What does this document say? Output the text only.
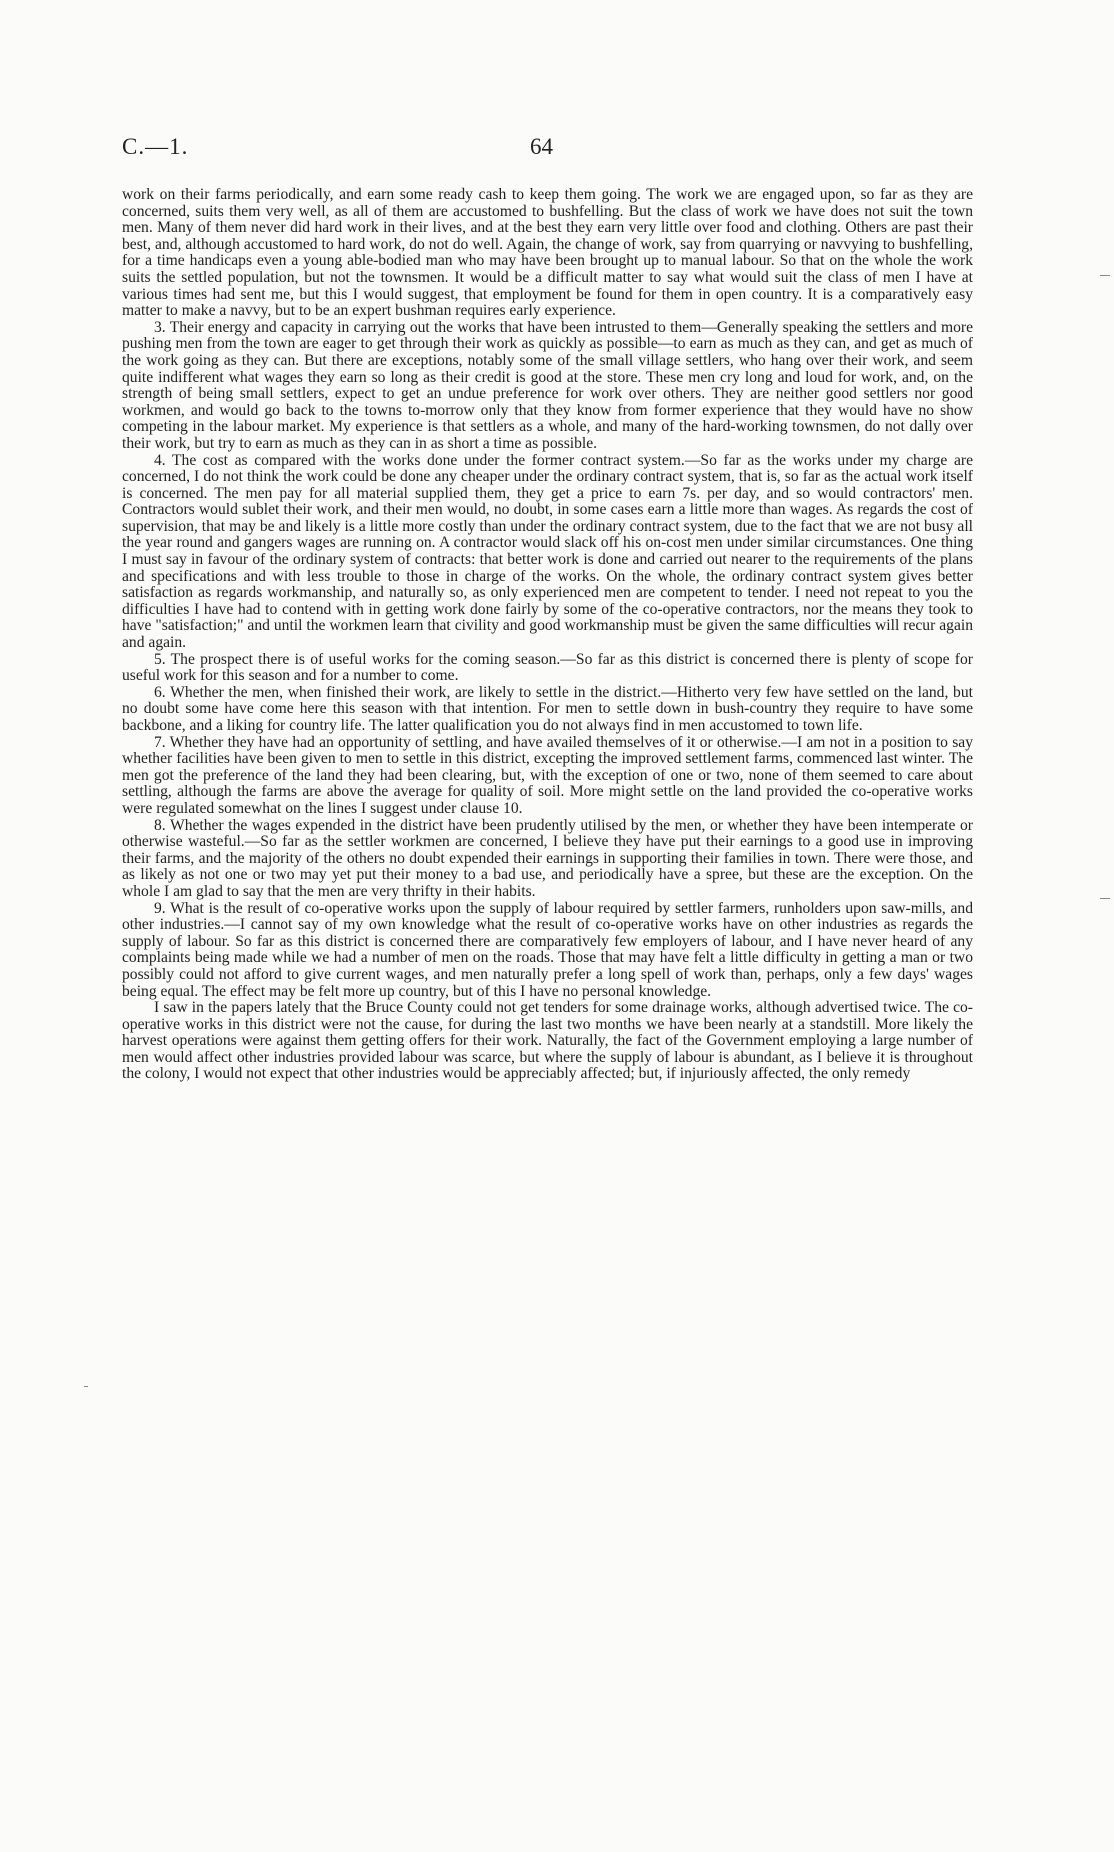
C.—1.	64

work on their farms periodically, and earn some ready cash to keep them going. The work we are engaged upon, so far as they are concerned, suits them very well, as all of them are accustomed to bushfelling. But the class of work we have does not suit the town men. Many of them never did hard work in their lives, and at the best they earn very little over food and clothing. Others are past their best, and, although accustomed to hard work, do not do well. Again, the change of work, say from quarrying or navvying to bushfelling, for a time handicaps even a young able-bodied man who may have been brought up to manual labour. So that on the whole the work suits the settled population, but not the townsmen. It would be a difficult matter to say what would suit the class of men I have at various times had sent me, but this I would suggest, that employment be found for them in open country. It is a comparatively easy matter to make a navvy, but to be an expert bushman requires early experience.

3. Their energy and capacity in carrying out the works that have been intrusted to them—Generally speaking the settlers and more pushing men from the town are eager to get through their work as quickly as possible—to earn as much as they can, and get as much of the work going as they can. But there are exceptions, notably some of the small village settlers, who hang over their work, and seem quite indifferent what wages they earn so long as their credit is good at the store. These men cry long and loud for work, and, on the strength of being small settlers, expect to get an undue preference for work over others. They are neither good settlers nor good workmen, and would go back to the towns to-morrow only that they know from former experience that they would have no show competing in the labour market. My experience is that settlers as a whole, and many of the hard-working townsmen, do not dally over their work, but try to earn as much as they can in as short a time as possible.

4. The cost as compared with the works done under the former contract system.—So far as the works under my charge are concerned, I do not think the work could be done any cheaper under the ordinary contract system, that is, so far as the actual work itself is concerned. The men pay for all material supplied them, they get a price to earn 7s. per day, and so would contractors' men. Contractors would sublet their work, and their men would, no doubt, in some cases earn a little more than wages. As regards the cost of supervision, that may be and likely is a little more costly than under the ordinary contract system, due to the fact that we are not busy all the year round and gangers wages are running on. A contractor would slack off his on-cost men under similar circumstances. One thing I must say in favour of the ordinary system of contracts: that better work is done and carried out nearer to the requirements of the plans and specifications and with less trouble to those in charge of the works. On the whole, the ordinary contract system gives better satisfaction as regards workmanship, and naturally so, as only experienced men are competent to tender. I need not repeat to you the difficulties I have had to contend with in getting work done fairly by some of the co-operative contractors, nor the means they took to have "satisfaction;" and until the workmen learn that civility and good workmanship must be given the same difficulties will recur again and again.

5. The prospect there is of useful works for the coming season.—So far as this district is concerned there is plenty of scope for useful work for this season and for a number to come.

6. Whether the men, when finished their work, are likely to settle in the district.—Hitherto very few have settled on the land, but no doubt some have come here this season with that intention. For men to settle down in bush-country they require to have some backbone, and a liking for country life. The latter qualification you do not always find in men accustomed to town life.

7. Whether they have had an opportunity of settling, and have availed themselves of it or otherwise.—I am not in a position to say whether facilities have been given to men to settle in this district, excepting the improved settlement farms, commenced last winter. The men got the preference of the land they had been clearing, but, with the exception of one or two, none of them seemed to care about settling, although the farms are above the average for quality of soil. More might settle on the land provided the co-operative works were regulated somewhat on the lines I suggest under clause 10.

8. Whether the wages expended in the district have been prudently utilised by the men, or whether they have been intemperate or otherwise wasteful.—So far as the settler workmen are concerned, I believe they have put their earnings to a good use in improving their farms, and the majority of the others no doubt expended their earnings in supporting their families in town. There were those, and as likely as not one or two may yet put their money to a bad use, and periodically have a spree, but these are the exception. On the whole I am glad to say that the men are very thrifty in their habits.

9. What is the result of co-operative works upon the supply of labour required by settler farmers, runholders upon saw-mills, and other industries.—I cannot say of my own knowledge what the result of co-operative works have on other industries as regards the supply of labour. So far as this district is concerned there are comparatively few employers of labour, and I have never heard of any complaints being made while we had a number of men on the roads. Those that may have felt a little difficulty in getting a man or two possibly could not afford to give current wages, and men naturally prefer a long spell of work than, perhaps, only a few days' wages being equal. The effect may be felt more up country, but of this I have no personal knowledge.

I saw in the papers lately that the Bruce County could not get tenders for some drainage works, although advertised twice. The co-operative works in this district were not the cause, for during the last two months we have been nearly at a standstill. More likely the harvest operations were against them getting offers for their work. Naturally, the fact of the Government employing a large number of men would affect other industries provided labour was scarce, but where the supply of labour is abundant, as I believe it is throughout the colony, I would not expect that other industries would be appreciably affected; but, if injuriously affected, the only remedy
